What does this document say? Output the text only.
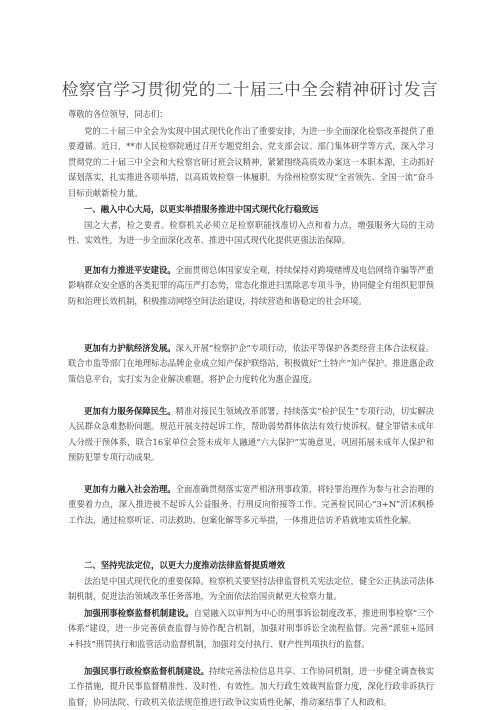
检察官学习贯彻党的二十届三中全会精神研讨发言
尊敬的各位领导，同志们：
党的二十届三中全会为实现中国式现代化作出了重要安排，为进一步全面深化检察改革提供了重要遵循。近日，**市人民检察院通过召开专题党组会、党支部会议、部门集体研学等方式，深入学习贯彻党的二十届三中全会和大检察官研讨班会议精神，紧紧围绕高质效办案这一本职本源，主动抓好谋划落实，扎实推进各项举措，以高质效检察一体履职，为徐州检察实现“全省领先、全国一流”奋斗目标贡献新检力量。
一、融入中心大局，以更实举措服务推进中国式现代化行稳致远
国之大者，检之要者。检察机关必须立足检察职能找准切入点和着力点，增强服务大局的主动性、实效性，为进一步全面深化改革、推进中国式现代化提供更强法治保障。
更加有力推进平安建设。全面贯彻总体国家安全观，持续保持对跨境赌博及电信网络诈骗等严重影响群众安全感的各类犯罪的高压严打态势，常态化推进扫黑除恶专项斗争，协同健全有组织犯罪预防和治理长效机制，积极推动网络空间法治建设，持续营造和谐稳定的社会环境。
更加有力护航经济发展。深入开展“检察护企”专项行动，依法平等保护各类经营主体合法权益。联合市监等部门在地理标志品牌企业成立知产保护联络站，积极做好“土特产”知产保护。推进惠企政策信息平台，实打实为企业解决难题，将护企力度转化为惠企温度。
更加有力服务保障民生。精准对接民生领域改革部署，持续落实“检护民生”专项行动，切实解决人民群众急难愁盼问题。规范开展支持起诉工作，帮助弱势群体依法有效行使诉权。健全罪错未成年人分级干预体系，联合16家单位会签未成年人融通“六大保护”实施意见，巩固拓展未成年人保护和预防犯罪专项行动成果。
更加有力融入社会治理。全面准确贯彻落实宽严相济刑事政策，将轻罪治理作为参与社会治理的重要着力点，深入推进被不起诉人公益服务、行刑反向衔接等工作。完善检民同心“3+N”沂沭枫桥工作法，通过检察听证、司法救助、包案化解等多元举措，一体推进信访矛盾就地实质性化解。
二、坚持宪法定位，以更大力度推动法律监督提质增效
法治是中国式现代化的重要保障。检察机关要坚持法律监督机关宪法定位，健全公正执法司法体制机制，促进法治领域改革任务落地，为全面依法治国贡献更大检察力量。
加强刑事检察监督机制建设。自觉融入以审判为中心的刑事诉讼制度改革，推进刑事检察“三个体系”建设，进一步完善侦查监督与协作配合机制，加强对刑事诉讼全流程监督。完善“派驻+巡回+科技”刑罚执行和监管活动监督机制，加强对交付执行、财产性判项执行的监督。
加强民事行政检察监督机制建设。持续完善法检信息共享、工作协同机制，进一步健全调查核实工作措施，提升民事监督精准性、及时性、有效性。加大行政生效裁判监督力度，深化行政非诉执行监督，协同法院、行政机关依法规范推进行政争议实质性化解，推动案结事了人和政和。
